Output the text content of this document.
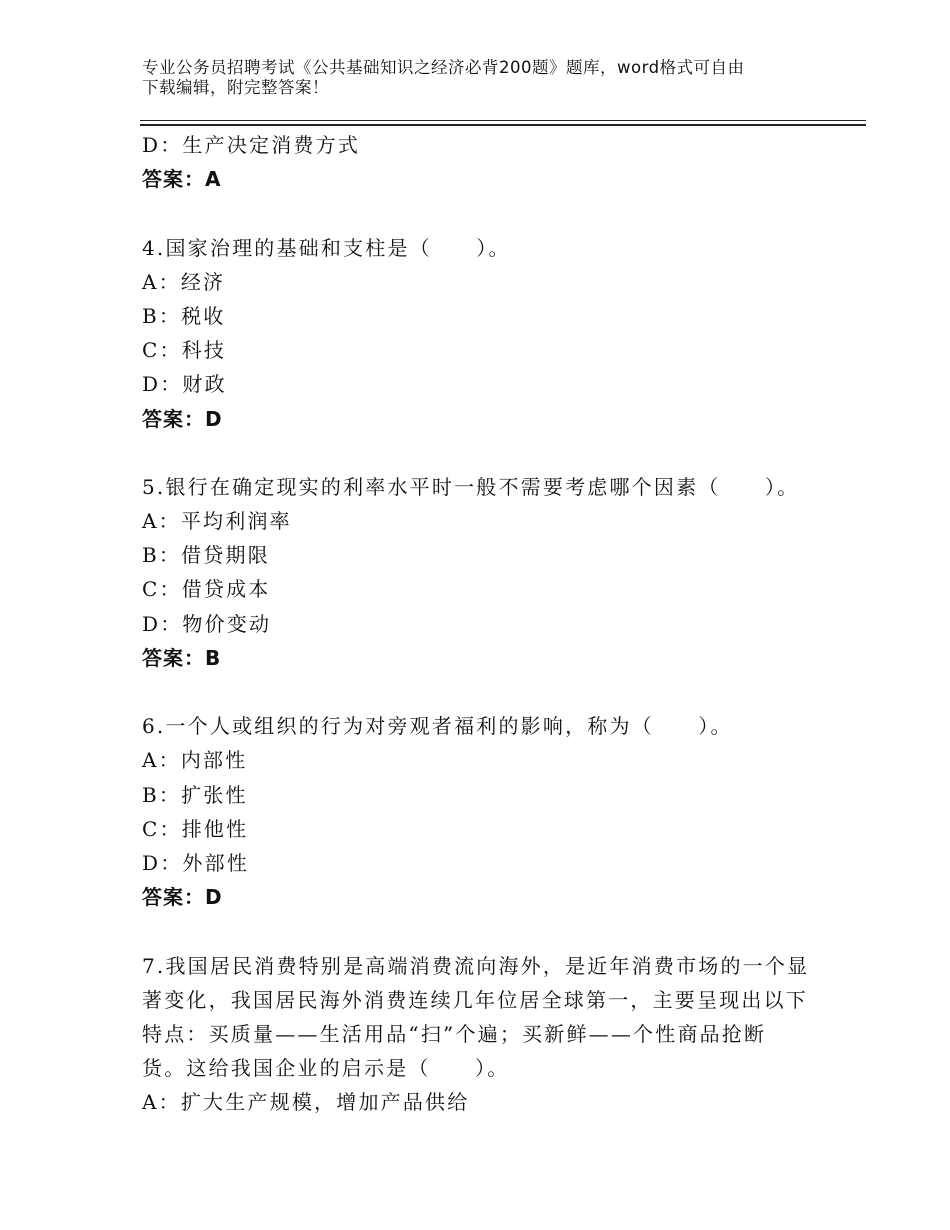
专业公务员招聘考试《公共基础知识之经济必背200题》题库，word格式可自由
下载编辑，附完整答案！

D：生产决定消费方式

答案：A

4.国家治理的基础和支柱是（　　）。

A：经济

B：税收

C：科技

D：财政

答案：D

5.银行在确定现实的利率水平时一般不需要考虑哪个因素（　　）。

A：平均利润率

B：借贷期限

C：借贷成本

D：物价变动

答案：B

6.一个人或组织的行为对旁观者福利的影响，称为（　　）。

A：内部性

B：扩张性

C：排他性

D：外部性

答案：D

7.我国居民消费特别是高端消费流向海外，是近年消费市场的一个显

著变化，我国居民海外消费连续几年位居全球第一，主要呈现出以下

特点：买质量——生活用品“扫”个遍；买新鲜——个性商品抢断

货。这给我国企业的启示是（　　）。

A：扩大生产规模，增加产品供给
